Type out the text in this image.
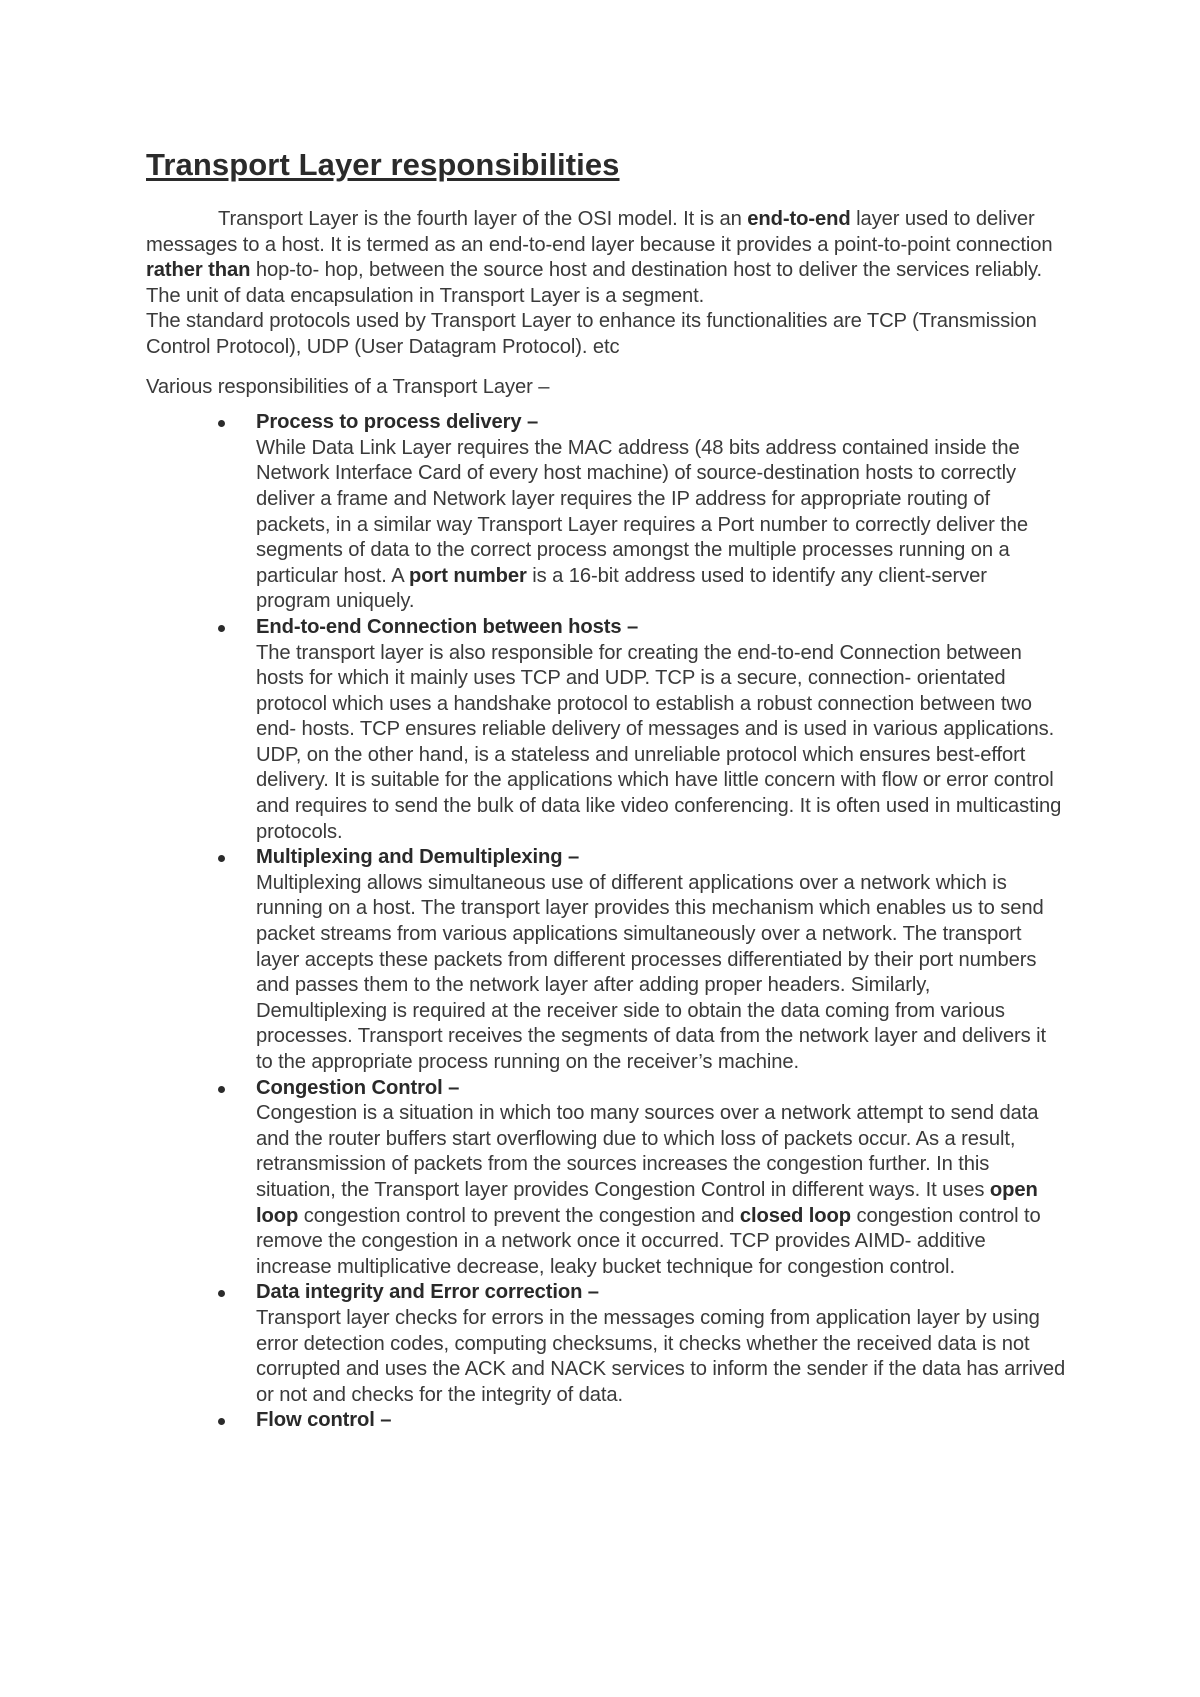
Transport Layer responsibilities

Transport Layer is the fourth layer of the OSI model. It is an end-to-end layer used to deliver messages to a host. It is termed as an end-to-end layer because it provides a point-to-point connection rather than hop-to- hop, between the source host and destination host to deliver the services reliably. The unit of data encapsulation in Transport Layer is a segment.

The standard protocols used by Transport Layer to enhance its functionalities are TCP (Transmission Control Protocol), UDP (User Datagram Protocol). etc

Various responsibilities of a Transport Layer –

Process to process delivery –
While Data Link Layer requires the MAC address (48 bits address contained inside the Network Interface Card of every host machine) of source-destination hosts to correctly deliver a frame and Network layer requires the IP address for appropriate routing of packets, in a similar way Transport Layer requires a Port number to correctly deliver the segments of data to the correct process amongst the multiple processes running on a particular host. A port number is a 16-bit address used to identify any client-server program uniquely.
End-to-end Connection between hosts –
The transport layer is also responsible for creating the end-to-end Connection between hosts for which it mainly uses TCP and UDP. TCP is a secure, connection- orientated protocol which uses a handshake protocol to establish a robust connection between two end- hosts. TCP ensures reliable delivery of messages and is used in various applications. UDP, on the other hand, is a stateless and unreliable protocol which ensures best-effort delivery. It is suitable for the applications which have little concern with flow or error control and requires to send the bulk of data like video conferencing. It is often used in multicasting protocols.
Multiplexing and Demultiplexing –
Multiplexing allows simultaneous use of different applications over a network which is running on a host. The transport layer provides this mechanism which enables us to send packet streams from various applications simultaneously over a network. The transport layer accepts these packets from different processes differentiated by their port numbers and passes them to the network layer after adding proper headers. Similarly, Demultiplexing is required at the receiver side to obtain the data coming from various processes. Transport receives the segments of data from the network layer and delivers it to the appropriate process running on the receiver’s machine.
Congestion Control –
Congestion is a situation in which too many sources over a network attempt to send data and the router buffers start overflowing due to which loss of packets occur. As a result, retransmission of packets from the sources increases the congestion further. In this situation, the Transport layer provides Congestion Control in different ways. It uses open loop congestion control to prevent the congestion and closed loop congestion control to remove the congestion in a network once it occurred. TCP provides AIMD- additive increase multiplicative decrease, leaky bucket technique for congestion control.
Data integrity and Error correction –
Transport layer checks for errors in the messages coming from application layer by using error detection codes, computing checksums, it checks whether the received data is not corrupted and uses the ACK and NACK services to inform the sender if the data has arrived or not and checks for the integrity of data.
Flow control –
